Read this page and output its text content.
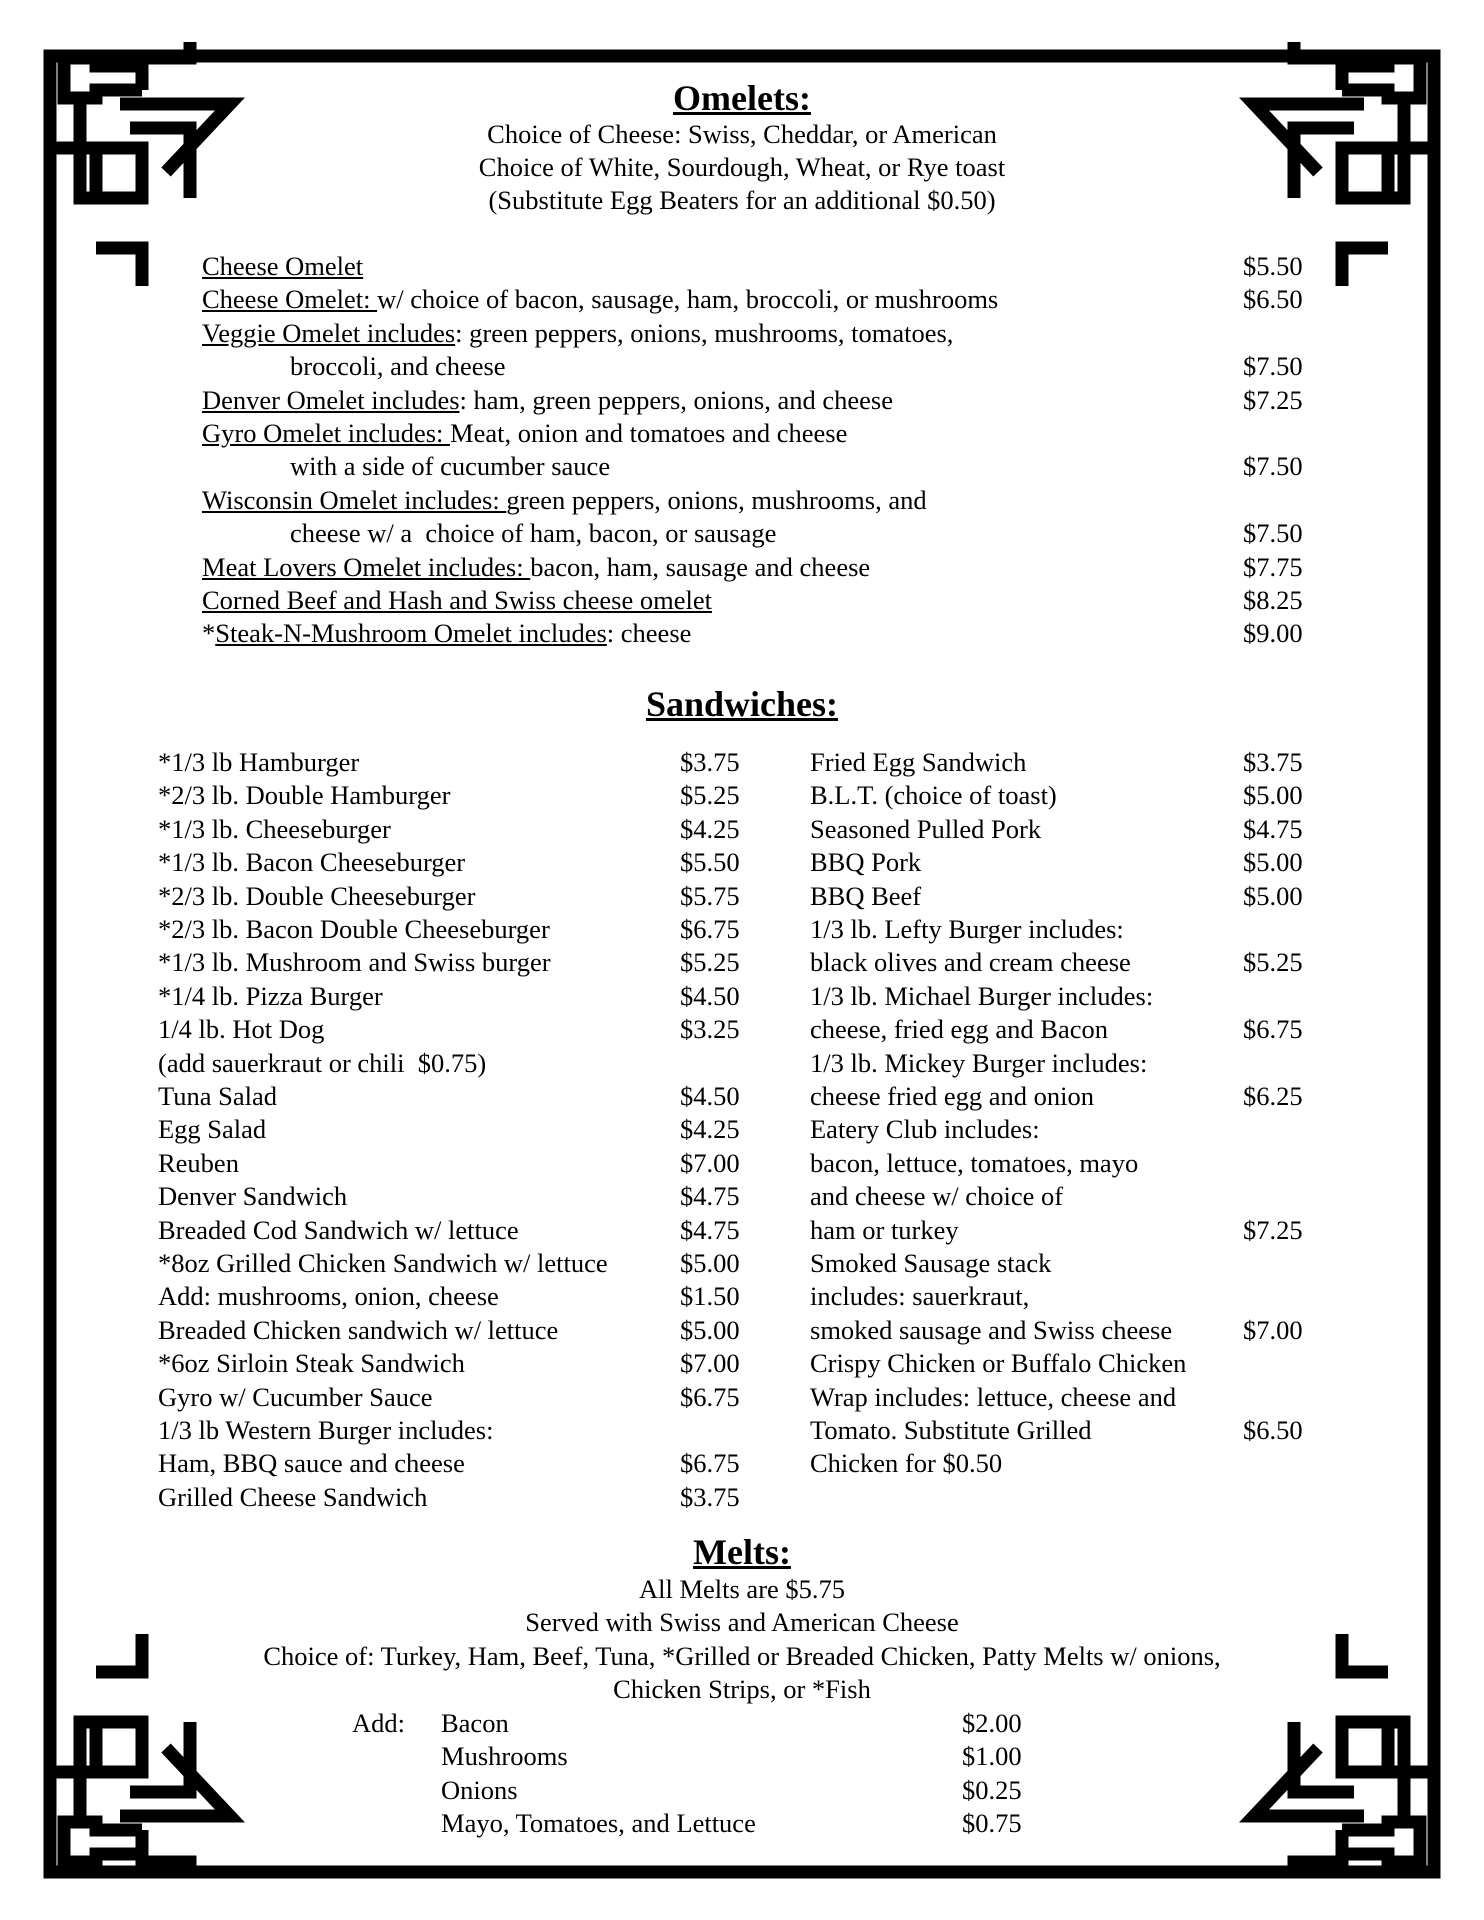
Omelets:
Choice of Cheese: Swiss, Cheddar, or American
Choice of White, Sourdough, Wheat, or Rye toast
(Substitute Egg Beaters for an additional $0.50)
Cheese Omelet	$5.50
Cheese Omelet: w/ choice of bacon, sausage, ham, broccoli, or mushrooms	$6.50
Veggie Omelet includes: green peppers, onions, mushrooms, tomatoes,
broccoli, and cheese	$7.50
Denver Omelet includes: ham, green peppers, onions, and cheese	$7.25
Gyro Omelet includes: Meat, onion and tomatoes and cheese
with a side of cucumber sauce	$7.50
Wisconsin Omelet includes: green peppers, onions, mushrooms, and
cheese w/ a  choice of ham, bacon, or sausage	$7.50
Meat Lovers Omelet includes: bacon, ham, sausage and cheese	$7.75
Corned Beef and Hash and Swiss cheese omelet	$8.25
*Steak-N-Mushroom Omelet includes: cheese	$9.00
Sandwiches:
*1/3 lb Hamburger	$3.75
*2/3 lb. Double Hamburger	$5.25
*1/3 lb. Cheeseburger	$4.25
*1/3 lb. Bacon Cheeseburger	$5.50
*2/3 lb. Double Cheeseburger	$5.75
*2/3 lb. Bacon Double Cheeseburger	$6.75
*1/3 lb. Mushroom and Swiss burger	$5.25
*1/4 lb. Pizza Burger	$4.50
1/4 lb. Hot Dog	$3.25
(add sauerkraut or chili  $0.75)
Tuna Salad	$4.50
Egg Salad	$4.25
Reuben	$7.00
Denver Sandwich	$4.75
Breaded Cod Sandwich w/ lettuce	$4.75
*8oz Grilled Chicken Sandwich w/ lettuce	$5.00
Add: mushrooms, onion, cheese	$1.50
Breaded Chicken sandwich w/ lettuce	$5.00
*6oz Sirloin Steak Sandwich	$7.00
Gyro w/ Cucumber Sauce	$6.75
1/3 lb Western Burger includes:
Ham, BBQ sauce and cheese	$6.75
Grilled Cheese Sandwich	$3.75
Fried Egg Sandwich	$3.75
B.L.T. (choice of toast)	$5.00
Seasoned Pulled Pork	$4.75
BBQ Pork	$5.00
BBQ Beef	$5.00
1/3 lb. Lefty Burger includes:
black olives and cream cheese	$5.25
1/3 lb. Michael Burger includes:
cheese, fried egg and Bacon	$6.75
1/3 lb. Mickey Burger includes:
cheese fried egg and onion	$6.25
Eatery Club includes:
bacon, lettuce, tomatoes, mayo
and cheese w/ choice of
ham or turkey	$7.25
Smoked Sausage stack
includes: sauerkraut,
smoked sausage and Swiss cheese	$7.00
Crispy Chicken or Buffalo Chicken
Wrap includes: lettuce, cheese and
Tomato. Substitute Grilled	$6.50
Chicken for $0.50
Melts:
All Melts are $5.75
Served with Swiss and American Cheese
Choice of: Turkey, Ham, Beef, Tuna, *Grilled or Breaded Chicken, Patty Melts w/ onions,
Chicken Strips, or *Fish
Add: Bacon	$2.00
Mushrooms	$1.00
Onions	$0.25
Mayo, Tomatoes, and Lettuce	$0.75
